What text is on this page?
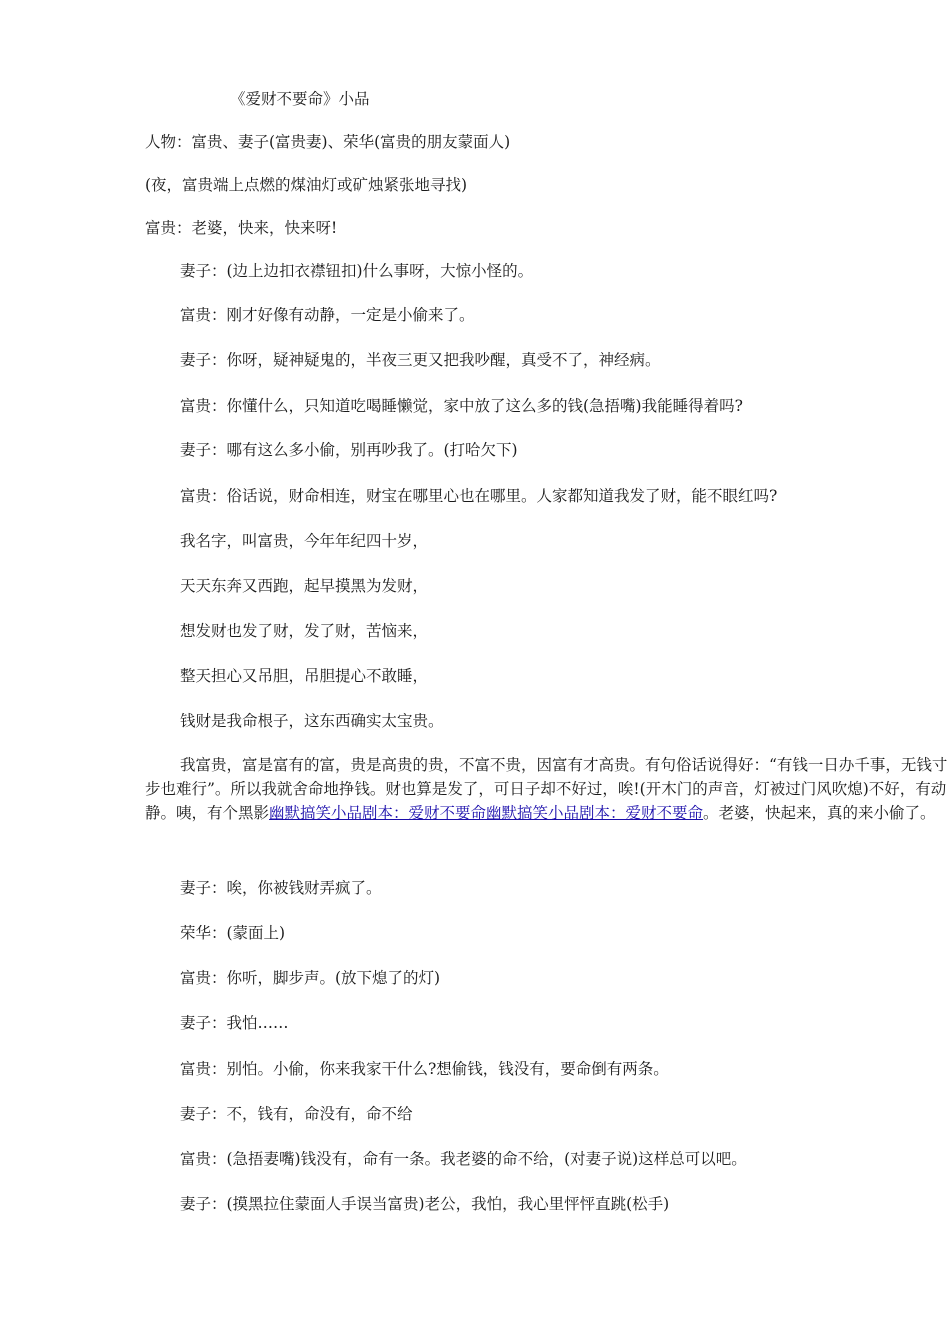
《爱财不要命》小品
人物：富贵、妻子(富贵妻)、荣华(富贵的朋友蒙面人)
(夜，富贵端上点燃的煤油灯或矿烛紧张地寻找)
富贵：老婆，快来，快来呀!
妻子：(边上边扣衣襟钮扣)什么事呀，大惊小怪的。
富贵：刚才好像有动静，一定是小偷来了。
妻子：你呀，疑神疑鬼的，半夜三更又把我吵醒，真受不了，神经病。
富贵：你懂什么，只知道吃喝睡懒觉，家中放了这么多的钱(急捂嘴)我能睡得着吗?
妻子：哪有这么多小偷，别再吵我了。(打哈欠下)
富贵：俗话说，财命相连，财宝在哪里心也在哪里。人家都知道我发了财，能不眼红吗?
我名字，叫富贵，今年年纪四十岁，
天天东奔又西跑，起早摸黑为发财，
想发财也发了财，发了财，苦恼来，
整天担心又吊胆，吊胆提心不敢睡，
钱财是我命根子，这东西确实太宝贵。
我富贵，富是富有的富，贵是高贵的贵，不富不贵，因富有才高贵。有句俗话说得好：“有钱一日办千事，无钱寸步也难行”。所以我就舍命地挣钱。财也算是发了，可日子却不好过，唉!(开木门的声音，灯被过门风吹熄)不好，有动静。咦，有个黑影幽默搞笑小品剧本：爱财不要命幽默搞笑小品剧本：爱财不要命。老婆，快起来，真的来小偷了。
妻子：唉，你被钱财弄疯了。
荣华：(蒙面上)
富贵：你听，脚步声。(放下熄了的灯)
妻子：我怕……
富贵：别怕。小偷，你来我家干什么?想偷钱，钱没有，要命倒有两条。
妻子：不，钱有，命没有，命不给
富贵：(急捂妻嘴)钱没有，命有一条。我老婆的命不给，(对妻子说)这样总可以吧。
妻子：(摸黑拉住蒙面人手误当富贵)老公，我怕，我心里怦怦直跳(松手)
